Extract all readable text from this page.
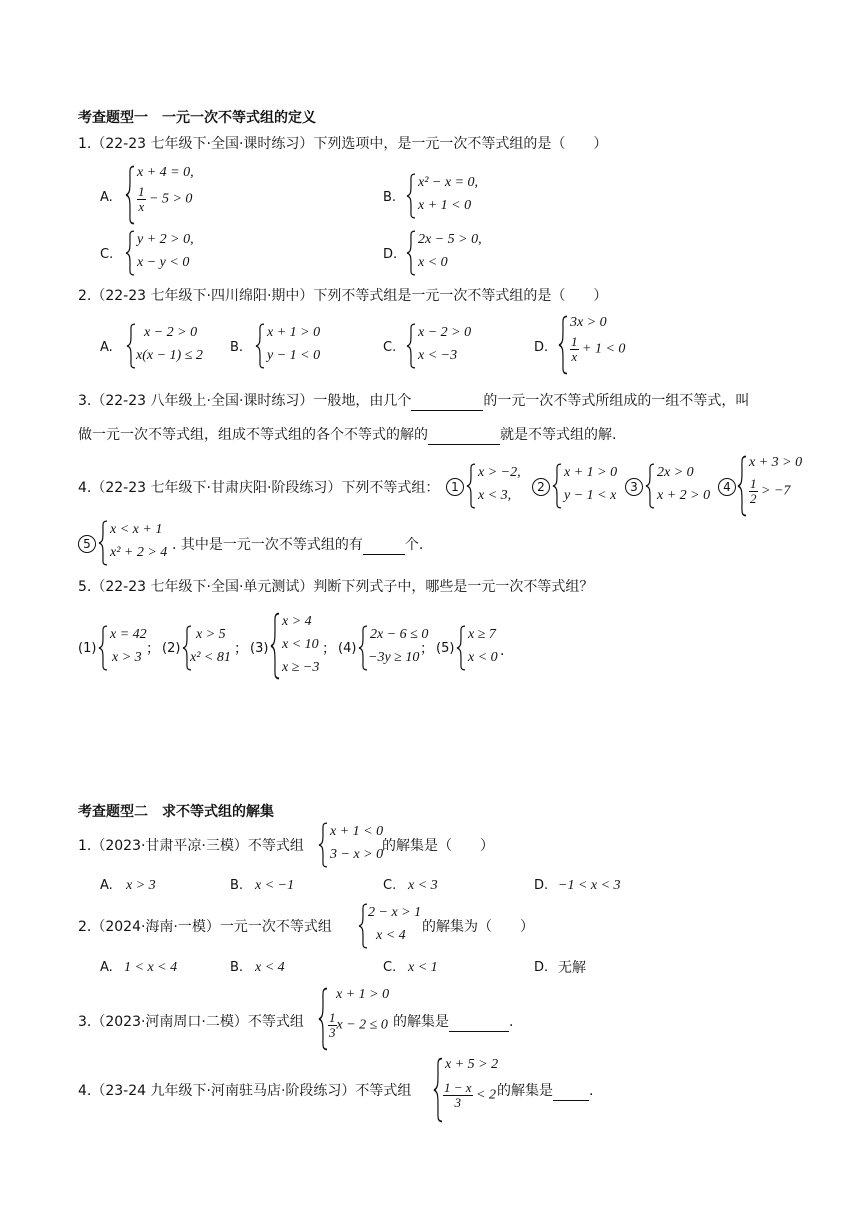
考查题型一　一元一次不等式组的定义
1.（22-23 七年级下·全国·课时练习）下列选项中，是一元一次不等式组的是（　　）
A.
x + 4 = 0,
$\frac{1}{x} - 5 > 0$	B.
x² − x = 0,
x + 1 < 0
C.
y + 2 > 0,
x − y < 0
D.
2x − 5 > 0,
x < 0
2.（22-23 七年级下·四川绵阳·期中）下列不等式组是一元一次不等式组的是（　　）
A.
x − 2 > 0
x(x − 1) ≤ 2
B.
x + 1 > 0
y − 1 < 0
C.
x − 2 > 0
x < −3
D.
3x > 0
$\frac{1}{x} + 1 < 0$
3.（22-23 八年级上·全国·课时练习）一般地，由几个	的一元一次不等式所组成的一组不等式，叫
做一元一次不等式组，组成不等式组的各个不等式的解的	就是不等式组的解.
4.（22-23 七年级下·甘肃庆阳·阶段练习）下列不等式组： 1
x > −2,
x < 3,
2
x + 1 > 0
y − 1 < x
3
2x > 0
x + 2 > 0
4
x + 3 > 0
$\frac{1}{2} > -7$
5
x < x + 1
x² + 2 > 4 . 其中是一元一次不等式组的有	个.
5.（22-23 七年级下·全国·单元测试）判断下列式子中，哪些是一元一次不等式组？
(1)
x = 42
x > 3
； (2)
x > 5
x² < 81
； (3)
x > 4
x < 10
x ≥ −3
； (4)
2x − 6 ≤ 0
−3y ≥ 10
； (5)
x ≥ 7
x < 0 .
考查题型二　求不等式组的解集
1.（2023·甘肃平凉·三模）不等式组
x + 1 < 0
3 − x > 0
的解集是（　　）
A. x > 3	B. x < −1	C. x < 3	D. −1 < x < 3
2.（2024·海南·一模）一元一次不等式组
2 − x > 1
x < 4
的解集为（　　）
A. 1 < x < 4	B. x < 4	C. x < 1	D. 无解
3.（2023·河南周口·二模）不等式组
x + 1 > 0
$\frac{1}{3}$ x − 2 ≤ 0 的解集是	.
4.（23-24 九年级下·河南驻马店·阶段练习）不等式组
x + 5 > 2
$\frac{1 - x}{3} < 2$ 的解集是	.
